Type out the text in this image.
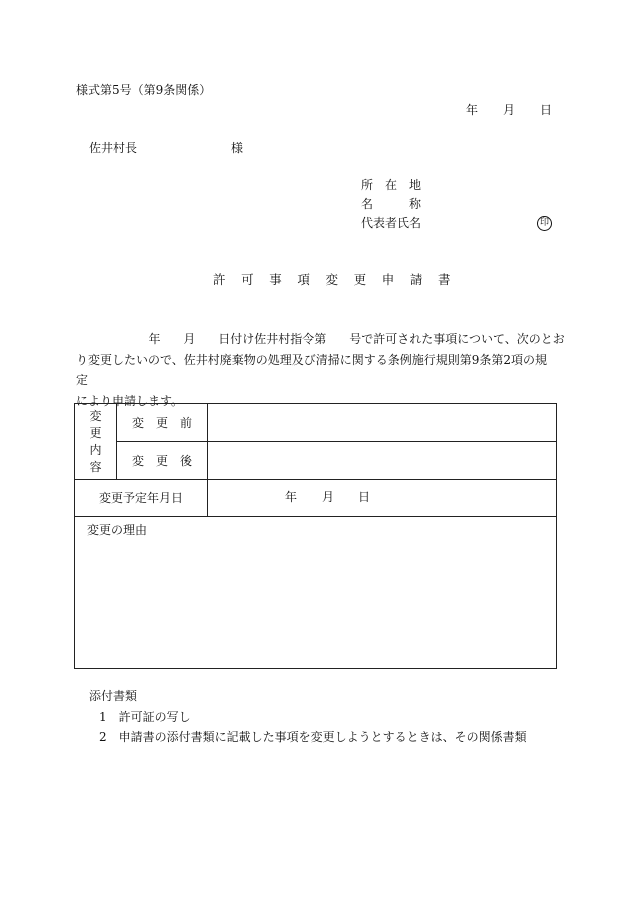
様式第5号（第9条関係）
年 月 日
佐井村長	様
所　在　地
名　　　称
代表者氏名	印
許可事項変更申請書
年 月 日付け佐井村指令第 号で許可された事項について、次のとお
り変更したいので、佐井村廃棄物の処理及び清掃に関する条例施行規則第9条第2項の規定
により申請します。
変
更
内
容	変　更　前	
	変　更　後	
変更予定年月日		年 月 日

変更の理由		
添付書類
1 許可証の写し
2 申請書の添付書類に記載した事項を変更しようとするときは、その関係書類
